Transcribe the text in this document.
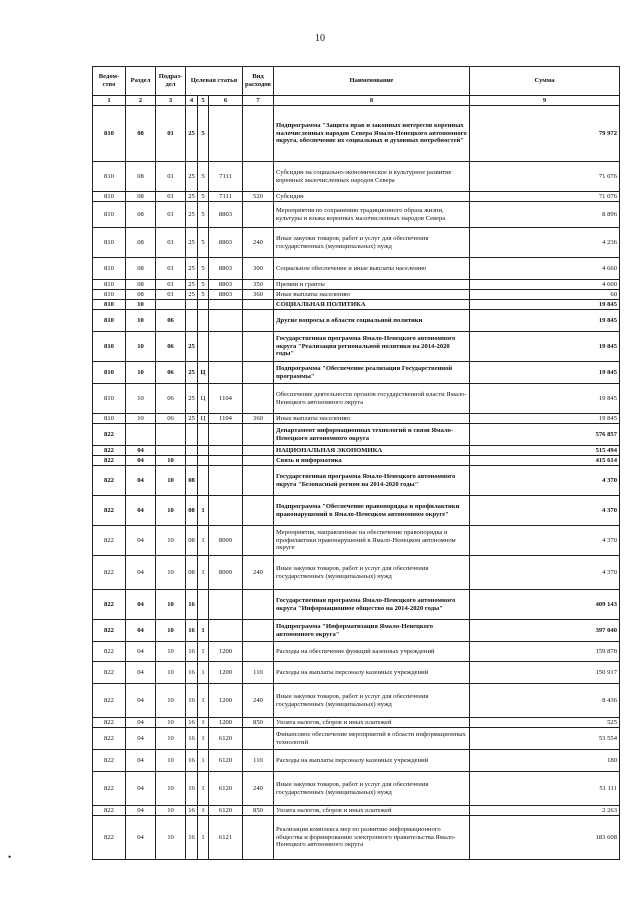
10
Ведом-ство	Раздел	Подраз-дел	Целевая статья			Вид расходов	Наименование	Сумма
1	2	3	4	5	6	7	8	9
810	08	01	25	5			Подпрограмма "Защита прав и законных интересов коренных малочисленных народов Севера Ямало-Ненецкого автономного округа, обеспечение их социальных и духовных потребностей"	79 972
810	08	01	25	5	7111		Субсидии на социально-экономическое и культурное развитие коренных малочисленных народов Севера	71 076
810	08	01	25	5	7111	520	Субсидии	71 076
810	08	01	25	5	8803		Мероприятия по сохранению традиционного образа жизни, культуры и языка коренных малочисленных народов Севера	8 896
810	08	01	25	5	8803	240	Иные закупки товаров, работ и услуг для обеспечения государственных (муниципальных) нужд	4 236
810	08	01	25	5	8803	300	Социальное обеспечение и иные выплаты населению	4 660
810	08	01	25	5	8803	350	Премии и гранты	4 600
810	08	01	25	5	8803	360	Иные выплаты населению	60
810	10						СОЦИАЛЬНАЯ ПОЛИТИКА	19 845
810	10	06					Другие вопросы в области социальной политики	19 845
810	10	06	25				Государственная программа Ямало-Ненецкого автономного округа "Реализация региональной политики на 2014-2020 годы"	19 845
810	10	06	25	Ц			Подпрограмма "Обеспечение реализации Государственной программы"	19 845
810	10	06	25	Ц	1104		Обеспечение деятельности органов государственной власти Ямало-Ненецкого автономного округа	19 845
810	10	06	25	Ц	1104	360	Иные выплаты населению	19 845
822							Департамент информационных технологий и связи Ямало-Ненецкого автономного округа	576 857
822	04						НАЦИОНАЛЬНАЯ ЭКОНОМИКА	515 494
822	04	10					Связь и информатика	415 614
822	04	10	08				Государственная программа Ямало-Ненецкого автономного округа "Безопасный регион на 2014-2020 годы"	4 370
822	04	10	08	1			Подпрограмма "Обеспечение правопорядка и профилактики правонарушений в Ямало-Ненецком автономном округе"	4 370
822	04	10	08	1	8009		Мероприятия, направленные на обеспечение правопорядка и профилактики правонарушений в Ямало-Ненецком автономном округе	4 370
822	04	10	08	1	8009	240	Иные закупки товаров, работ и услуг для обеспечения государственных (муниципальных) нужд	4 370
822	04	10	16				Государственная программа Ямало-Ненецкого автономного округа "Информационное общество на 2014-2020 годы"	409 143
822	04	10	16	1			Подпрограмма "Информатизация Ямало-Ненецкого автономного округа"	397 040
822	04	10	16	1	1200		Расходы на обеспечение функций казенных учреждений	159 878
822	04	10	16	1	1200	110	Расходы на выплаты персоналу казенных учреждений	150 917
822	04	10	16	1	1200	240	Иные закупки товаров, работ и услуг для обеспечения государственных (муниципальных) нужд	8 436
822	04	10	16	1	1200	850	Уплата налогов, сборов и иных платежей	525
822	04	10	16	1	6120		Финансовое обеспечение мероприятий в области информационных технологий	53 554
822	04	10	16	1	6120	110	Расходы на выплаты персоналу казенных учреждений	180
822	04	10	16	1	6120	240	Иные закупки товаров, работ и услуг для обеспечения государственных (муниципальных) нужд	51 111
822	04	10	16	1	6120	850	Уплата налогов, сборов и иных платежей	2 263
822	04	10	16	1	6121		Реализация комплекса мер по развитию информационного общества и формированию электронного правительства Ямало-Ненецкого автономного округа	183 608
•
